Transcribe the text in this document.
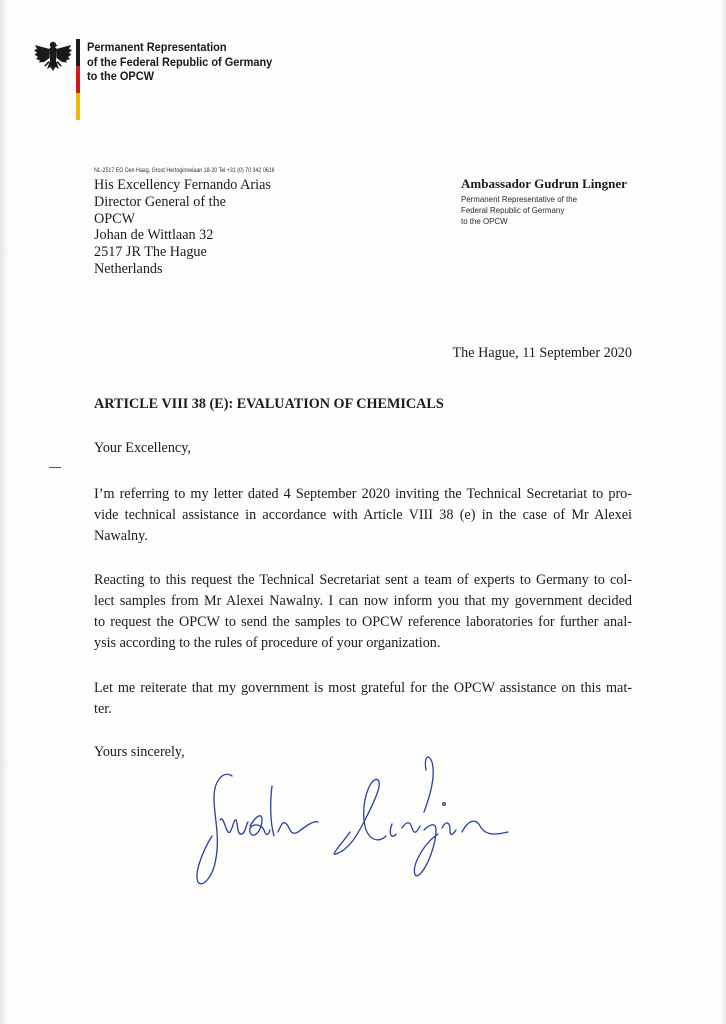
Permanent Representation
of the Federal Republic of Germany
to the OPCW
NL-2517 EG Den Haag, Groot Hertoginnelaan 18-20 Tel +31 (0) 70 342 0616
His Excellency Fernando Arias
Director General of the
OPCW
Johan de Wittlaan 32
2517 JR The Hague
Netherlands
Ambassador Gudrun Lingner
Permanent Representative of the
Federal Republic of Germany
to the OPCW
The Hague, 11 September 2020
ARTICLE VIII 38 (E): EVALUATION OF CHEMICALS
Your Excellency,
I’m referring to my letter dated 4 September 2020 inviting the Technical Secretariat to pro-
vide technical assistance in accordance with Article VIII 38 (e) in the case of Mr Alexei
Nawalny.
Reacting to this request the Technical Secretariat sent a team of experts to Germany to col-
lect samples from Mr Alexei Nawalny. I can now inform you that my government decided
to request the OPCW to send the samples to OPCW reference laboratories for further anal-
ysis according to the rules of procedure of your organization.
Let me reiterate that my government is most grateful for the OPCW assistance on this mat-
ter.
Yours sincerely,
